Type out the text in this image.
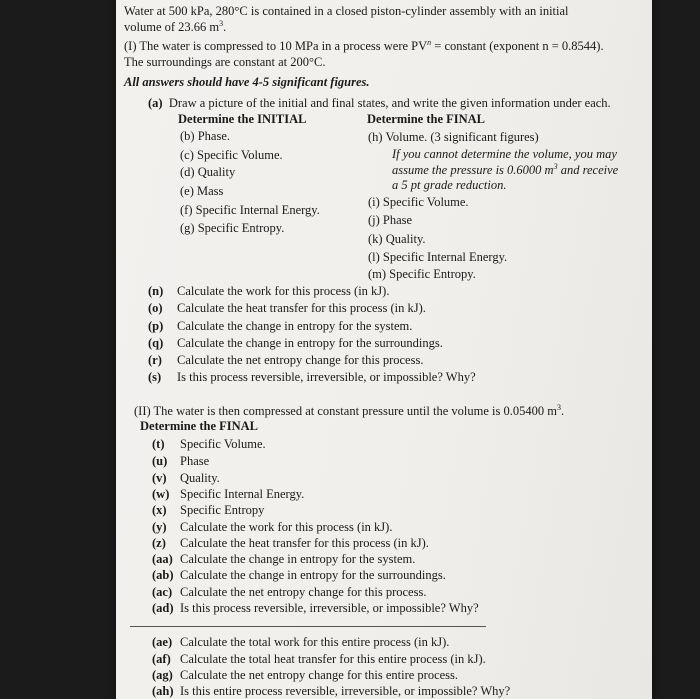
Water at 500 kPa, 280°C is contained in a closed piston-cylinder assembly with an initial
volume of 23.66 $m^3$.
(I) The water is compressed to 10 MPa in a process were $PV^n$ = constant (exponent n = 0.8544).
The surroundings are constant at 200°C.
All answers should have 4-5 significant figures.
(a) Draw a picture of the initial and final states, and write the given information under each.
Determine the INITIAL	Determine the FINAL
(b) Phase.
(c) Specific Volume.
(d) Quality
(e) Mass
(f) Specific Internal Energy.
(g) Specific Entropy.
(h) Volume. (3 significant figures)
If you cannot determine the volume, you may
assume the pressure is 0.6000 $m^3$ and receive
a 5 pt grade reduction.
(i) Specific Volume.
(j) Phase
(k) Quality.
(l) Specific Internal Energy.
(m) Specific Entropy.
(n) Calculate the work for this process (in kJ).
(o) Calculate the heat transfer for this process (in kJ).
(p) Calculate the change in entropy for the system.
(q) Calculate the change in entropy for the surroundings.
(r) Calculate the net entropy change for this process.
(s) Is this process reversible, irreversible, or impossible? Why?
(II) The water is then compressed at constant pressure until the volume is 0.05400 $m^3$.
Determine the FINAL
(t) Specific Volume.
(u) Phase
(v) Quality.
(w) Specific Internal Energy.
(x) Specific Entropy
(y) Calculate the work for this process (in kJ).
(z) Calculate the heat transfer for this process (in kJ).
(aa) Calculate the change in entropy for the system.
(ab) Calculate the change in entropy for the surroundings.
(ac) Calculate the net entropy change for this process.
(ad) Is this process reversible, irreversible, or impossible? Why?
(ae) Calculate the total work for this entire process (in kJ).
(af) Calculate the total heat transfer for this entire process (in kJ).
(ag) Calculate the net entropy change for this entire process.
(ah) Is this entire process reversible, irreversible, or impossible? Why?
